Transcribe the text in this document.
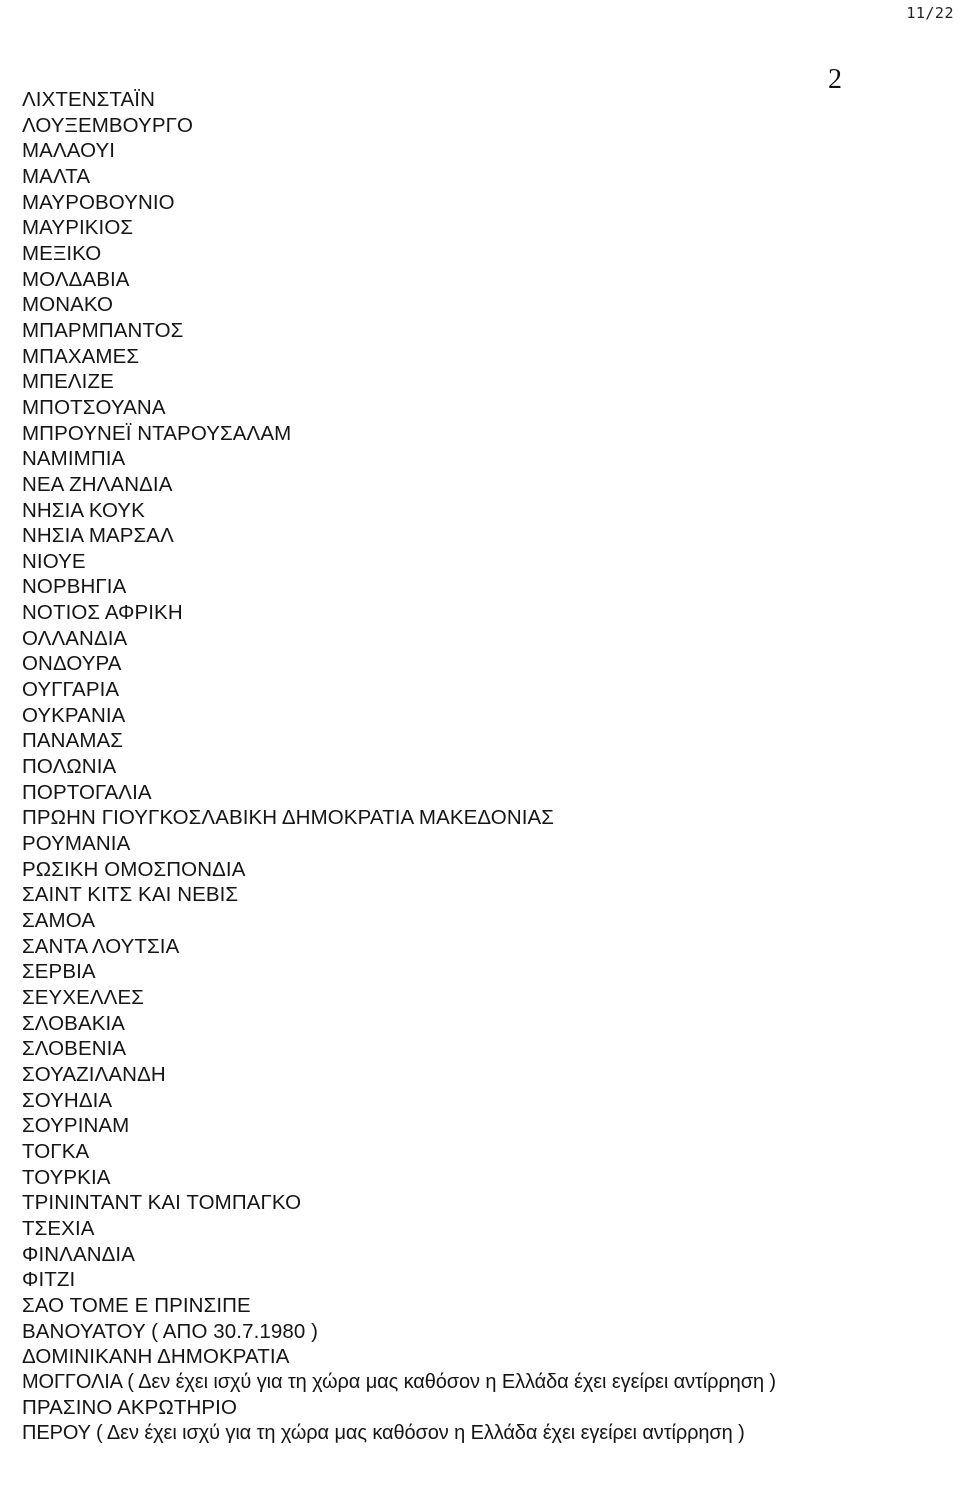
11/22
2
ΛΙΧΤΕΝΣΤΑΪΝ
ΛΟΥΞΕΜΒΟΥΡΓΟ
ΜΑΛΑΟΥΙ
ΜΑΛΤΑ
ΜΑΥΡΟΒΟΥΝΙΟ
ΜΑΥΡΙΚΙΟΣ
ΜΕΞΙΚΟ
ΜΟΛΔΑΒΙΑ
ΜΟΝΑΚΟ
ΜΠΑΡΜΠΑΝΤΟΣ
ΜΠΑΧΑΜΕΣ
ΜΠΕΛΙΖΕ
ΜΠΟΤΣΟΥΑΝΑ
ΜΠΡΟΥΝΕΪ ΝΤΑΡΟΥΣΑΛΑΜ
ΝΑΜΙΜΠΙΑ
ΝΕΑ ΖΗΛΑΝΔΙΑ
ΝΗΣΙΑ ΚΟΥΚ
ΝΗΣΙΑ ΜΑΡΣΑΛ
ΝΙΟΥΕ
ΝΟΡΒΗΓΙΑ
ΝΟΤΙΟΣ ΑΦΡΙΚΗ
ΟΛΛΑΝΔΙΑ
ΟΝΔΟΥΡΑ
ΟΥΓΓΑΡΙΑ
ΟΥΚΡΑΝΙΑ
ΠΑΝΑΜΑΣ
ΠΟΛΩΝΙΑ
ΠΟΡΤΟΓΑΛΙΑ
ΠΡΩΗΝ ΓΙΟΥΓΚΟΣΛΑΒΙΚΗ ΔΗΜΟΚΡΑΤΙΑ ΜΑΚΕΔΟΝΙΑΣ
ΡΟΥΜΑΝΙΑ
ΡΩΣΙΚΗ ΟΜΟΣΠΟΝΔΙΑ
ΣΑΙΝΤ ΚΙΤΣ ΚΑΙ ΝΕΒΙΣ
ΣΑΜΟΑ
ΣΑΝΤΑ ΛΟΥΤΣΙΑ
ΣΕΡΒΙΑ
ΣΕΥΧΕΛΛΕΣ
ΣΛΟΒΑΚΙΑ
ΣΛΟΒΕΝΙΑ
ΣΟΥΑΖΙΛΑΝΔΗ
ΣΟΥΗΔΙΑ
ΣΟΥΡΙΝΑΜ
ΤΟΓΚΑ
ΤΟΥΡΚΙΑ
ΤΡΙΝΙΝΤΑΝΤ ΚΑΙ ΤΟΜΠΑΓΚΟ
ΤΣΕΧΙΑ
ΦΙΝΛΑΝΔΙΑ
ΦΙΤΖΙ
ΣΑΟ ΤΟΜΕ Ε ΠΡΙΝΣΙΠΕ
ΒΑΝΟΥΑΤΟΥ ( ΑΠΟ 30.7.1980 )
ΔΟΜΙΝΙΚΑΝΗ ΔΗΜΟΚΡΑΤΙΑ
ΜΟΓΓΟΛΙΑ ( Δεν έχει ισχύ για τη χώρα μας καθόσον η Ελλάδα έχει εγείρει αντίρρηση )
ΠΡΑΣΙΝΟ ΑΚΡΩΤΗΡΙΟ
ΠΕΡΟΥ ( Δεν έχει ισχύ για τη χώρα μας καθόσον η Ελλάδα έχει εγείρει αντίρρηση )
